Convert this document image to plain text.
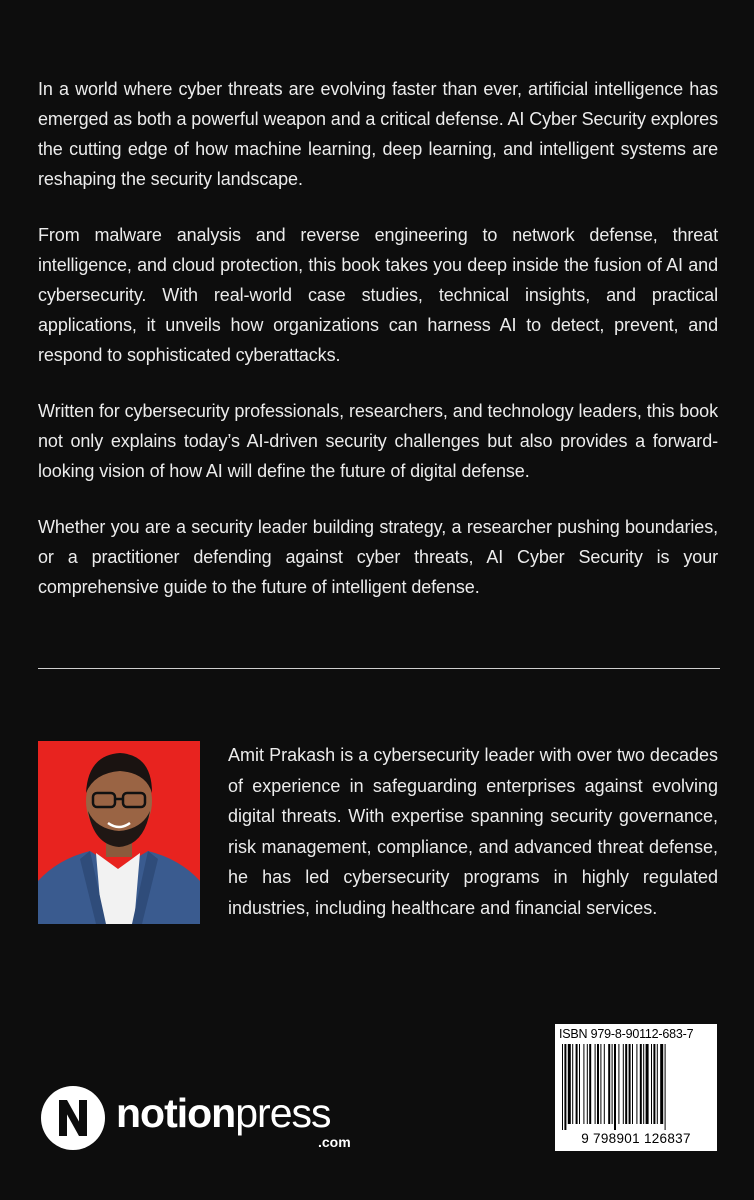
In a world where cyber threats are evolving faster than ever, artificial intelligence has emerged as both a powerful weapon and a critical defense. AI Cyber Security explores the cutting edge of how machine learning, deep learning, and intelligent systems are reshaping the security landscape.

From malware analysis and reverse engineering to network defense, threat intelligence, and cloud protection, this book takes you deep inside the fusion of AI and cybersecurity. With real-world case studies, technical insights, and practical applications, it unveils how organizations can harness AI to detect, prevent, and respond to sophisticated cyberattacks.

Written for cybersecurity professionals, researchers, and technology leaders, this book not only explains today’s AI-driven security challenges but also provides a forward-looking vision of how AI will define the future of digital defense.

Whether you are a security leader building strategy, a researcher pushing boundaries, or a practitioner defending against cyber threats, AI Cyber Security is your comprehensive guide to the future of intelligent defense.

Amit Prakash is a cybersecurity leader with over two decades of experience in safeguarding enterprises against evolving digital threats. With expertise spanning security governance, risk management, compliance, and advanced threat defense, he has led cybersecurity programs in highly regulated industries, including healthcare and financial services.

notionpress
.com
ISBN 979-8-90112-683-7
9 798901 126837
